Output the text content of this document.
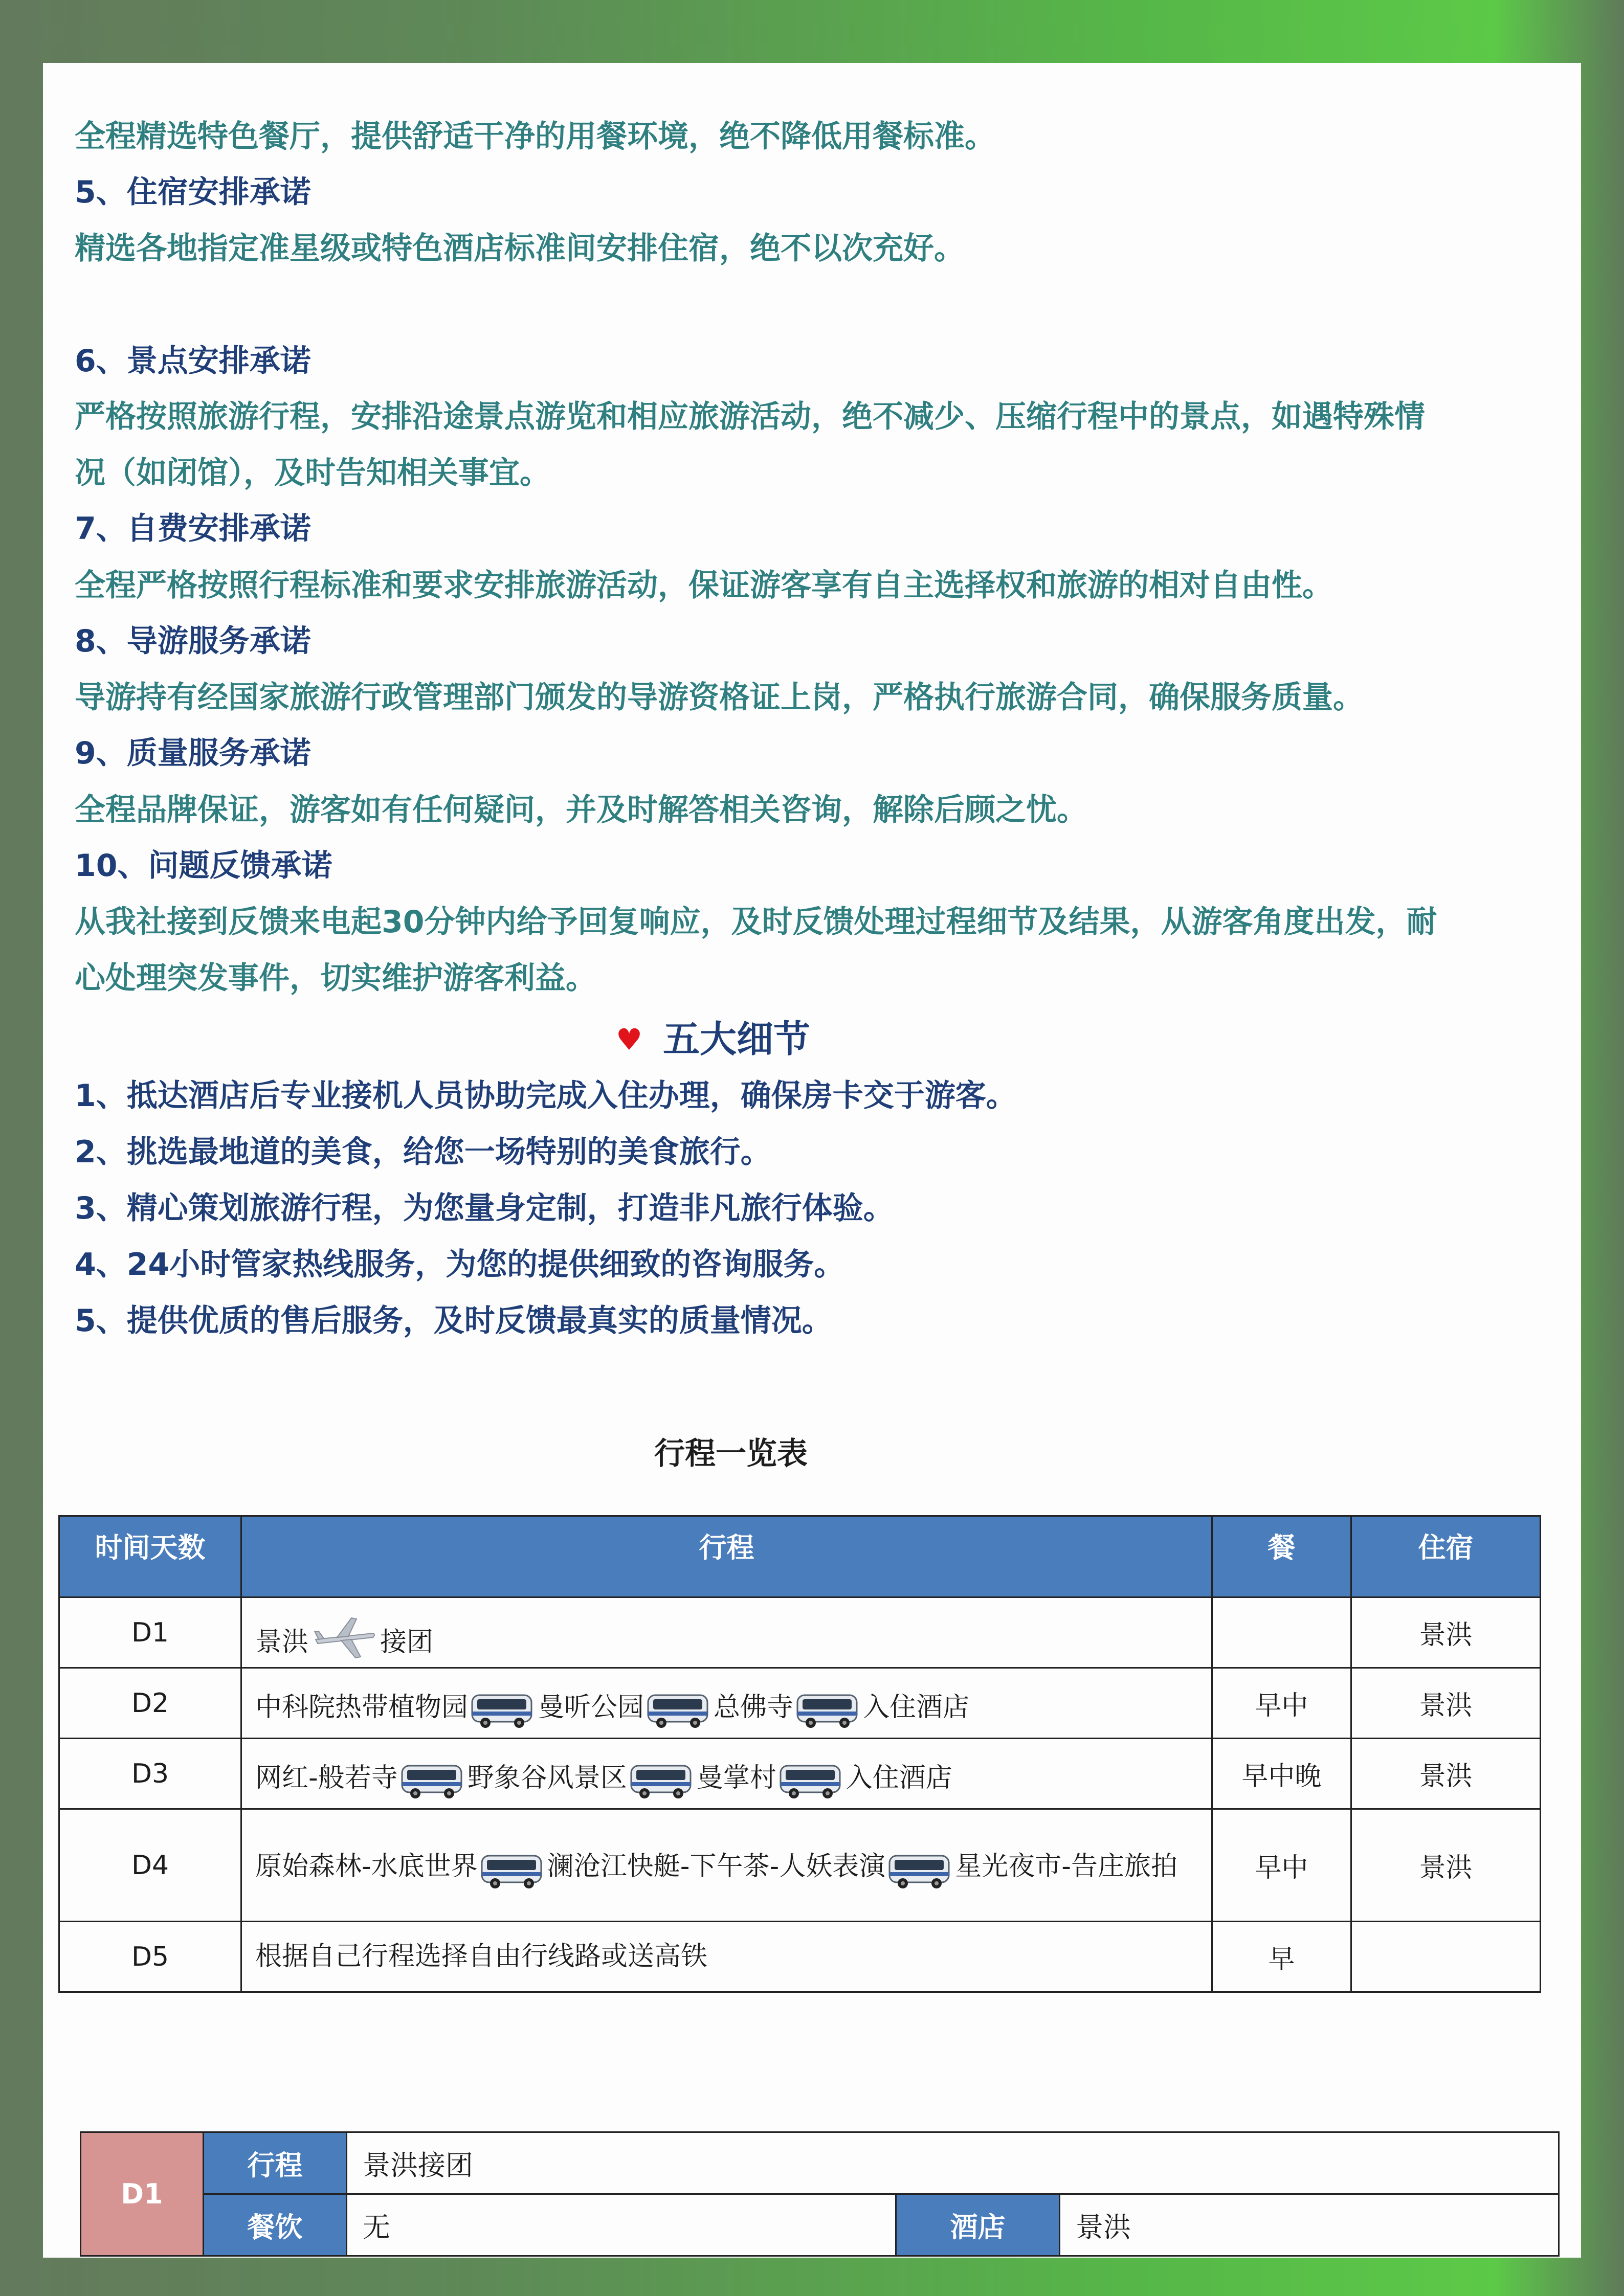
全程精选特色餐厅，提供舒适干净的用餐环境，绝不降低用餐标准。
5、住宿安排承诺
精选各地指定准星级或特色酒店标准间安排住宿，绝不以次充好。
6、景点安排承诺
严格按照旅游行程，安排沿途景点游览和相应旅游活动，绝不减少、压缩行程中的景点，如遇特殊情
况（如闭馆），及时告知相关事宜。
7、自费安排承诺
全程严格按照行程标准和要求安排旅游活动，保证游客享有自主选择权和旅游的相对自由性。
8、导游服务承诺
导游持有经国家旅游行政管理部门颁发的导游资格证上岗，严格执行旅游合同，确保服务质量。
9、质量服务承诺
全程品牌保证，游客如有任何疑问，并及时解答相关咨询，解除后顾之忧。
10、问题反馈承诺
从我社接到反馈来电起30分钟内给予回复响应，及时反馈处理过程细节及结果，从游客角度出发，耐
心处理突发事件，切实维护游客利益。
♥ 五大细节
1、抵达酒店后专业接机人员协助完成入住办理，确保房卡交于游客。
2、挑选最地道的美食，给您一场特别的美食旅行。
3、精心策划旅游行程，为您量身定制，打造非凡旅行体验。
4、24小时管家热线服务，为您的提供细致的咨询服务。
5、提供优质的售后服务，及时反馈最真实的质量情况。
行程一览表
时间天数	行程	餐	住宿
D1	景洪 接团		景洪
D2	中科院热带植物园 曼听公园 总佛寺 入住酒店	早中	景洪
D3	网红-般若寺 野象谷风景区 曼掌村 入住酒店	早中晚	景洪
D4	原始森林-水底世界 澜沧江快艇-下午茶-人妖表演 星光夜市-告庄旅拍	早中	景洪
D5	根据自己行程选择自由行线路或送高铁	早	
D1	行程	景洪接团		
	餐饮	无	酒店	景洪
